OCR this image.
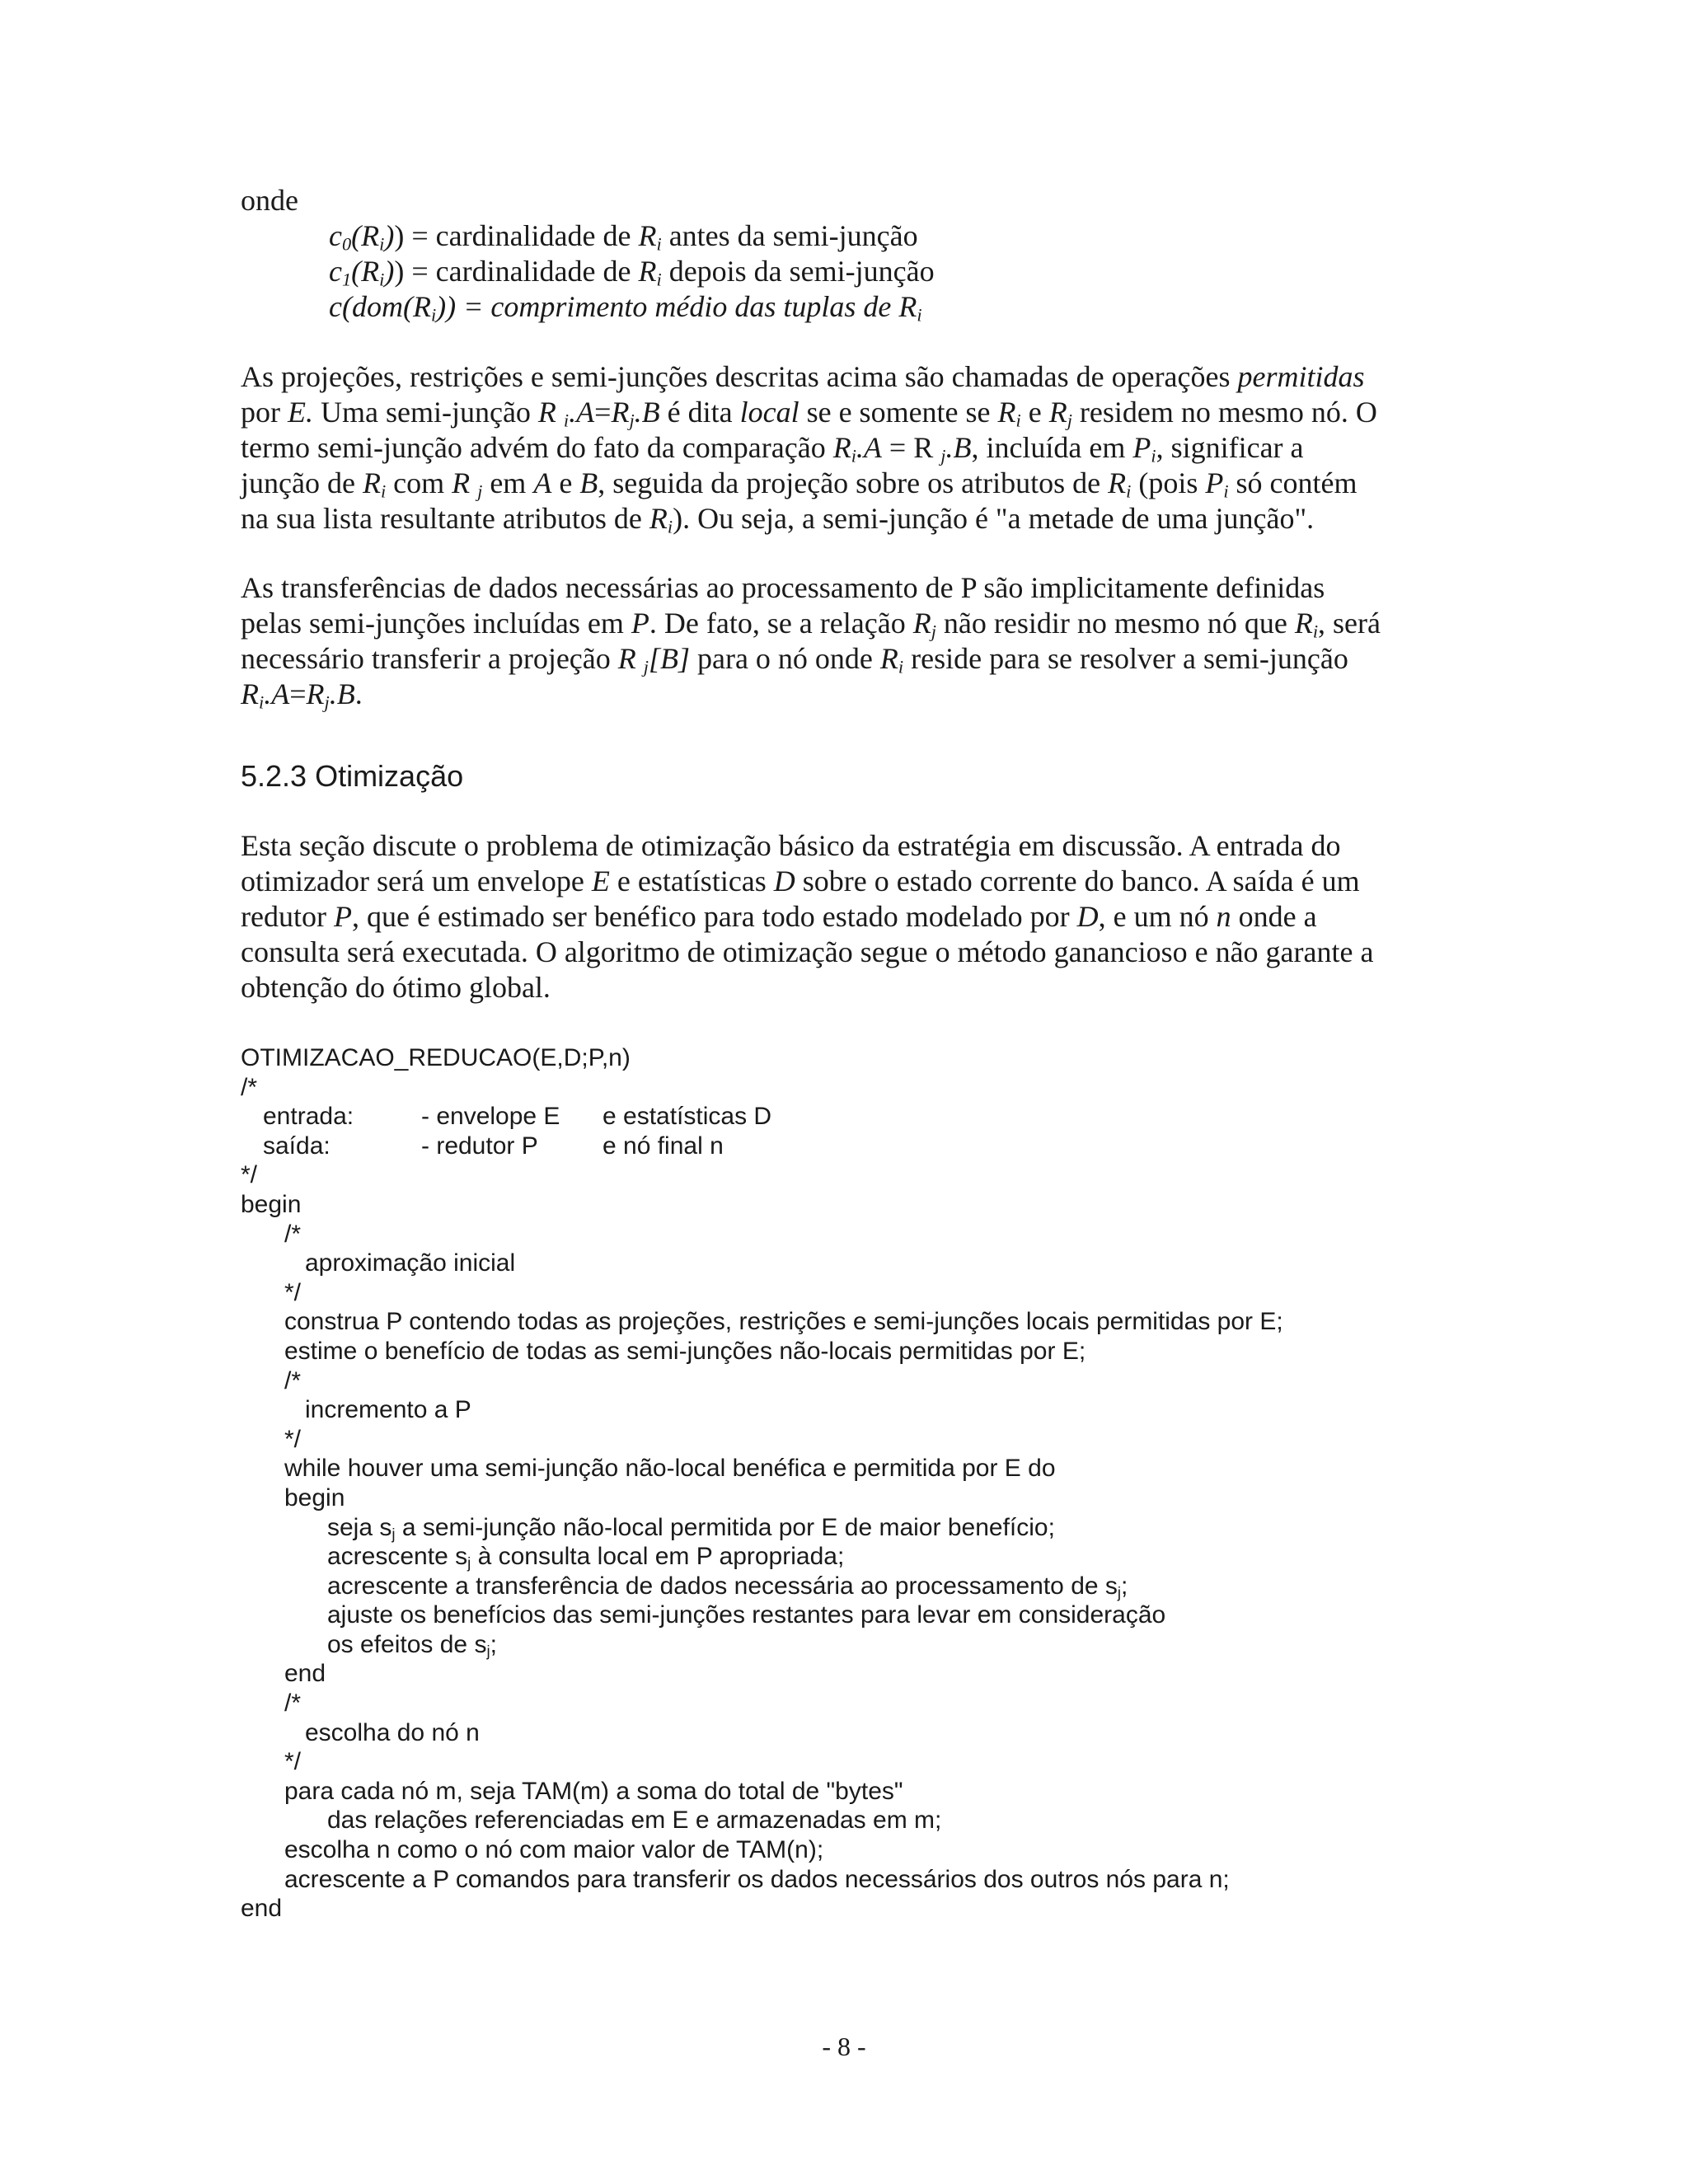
onde
$c_0(R_i)$) = cardinalidade de $R_i$ antes da semi-junção
$c_1(R_i)$) = cardinalidade de $R_i$ depois da semi-junção
$c(dom(R_i))$ = comprimento médio das tuplas de $R_i$

As projeções, restrições e semi-junções descritas acima são chamadas de operações permitidas

por E. Uma semi-junção R $_i.A=R_j.B$ é dita local se e somente se $R_i$ e $R_j$ residem no mesmo nó. O

termo semi-junção advém do fato da comparação $R_i.A = R$ $_j$.B, incluída em $P_i$, significar a

junção de $R_i$ com R $_j$ em A e B, seguida da projeção sobre os atributos de $R_i$ (pois $P_i$ só contém

na sua lista resultante atributos de $R_i$). Ou seja, a semi-junção é "a metade de uma junção".

As transferências de dados necessárias ao processamento de P são implicitamente definidas

pelas semi-junções incluídas em P. De fato, se a relação $R_j$ não residir no mesmo nó que $R_i$, será

necessário transferir a projeção R $_j$[B] para o nó onde $R_i$ reside para se resolver a semi-junção

$R_i.A=R_j.B$.

5.2.3 Otimização

Esta seção discute o problema de otimização básico da estratégia em discussão. A entrada do

otimizador será um envelope E e estatísticas D sobre o estado corrente do banco. A saída é um

redutor P, que é estimado ser benéfico para todo estado modelado por D, e um nó n onde a

consulta será executada. O algoritmo de otimização segue o método ganancioso e não garante a

obtenção do ótimo global.

OTIMIZACAO_REDUCAO(E,D;P,n)
/*
entrada:	- envelope E e estatísticas D
saída:	- redutor P	e nó final n
*/
begin
/*
aproximação inicial
*/
construa P contendo todas as projeções, restrições e semi-junções locais permitidas por E;
estime o benefício de todas as semi-junções não-locais permitidas por E;
/*
incremento a P
*/
while houver uma semi-junção não-local benéfica e permitida por E do
begin
seja $s_j$ a semi-junção não-local permitida por E de maior benefício;
acrescente $s_j$ à consulta local em P apropriada;
acrescente a transferência de dados necessária ao processamento de $s_j$;
ajuste os benefícios das semi-junções restantes para levar em consideração
os efeitos de $s_j$;
end
/*
escolha do nó n
*/
para cada nó m, seja TAM(m) a soma do total de "bytes"
das relações referenciadas em E e armazenadas em m;
escolha n como o nó com maior valor de TAM(n);
acrescente a P comandos para transferir os dados necessários dos outros nós para n;
end
- 8 -
